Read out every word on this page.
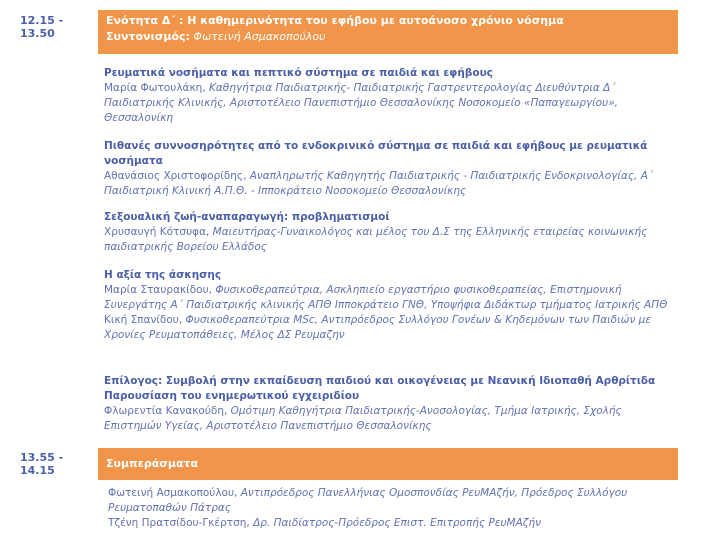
12.15 -
13.50
Ενότητα Δ΄ : Η καθημερινότητα του εφήβου με αυτοάνοσο χρόνιο νόσημα
Συντονισμός: Φωτεινή Ασμακοπούλου
Ρευματικά νοσήματα και πεπτικό σύστημα σε παιδιά και εφήβους
Μαρία Φωτουλάκη, Καθηγήτρια Παιδιατρικής- Παιδιατρικής Γαστρεντερολογίας Διευθύντρια Δ΄ Παιδιατρικής Κλινικής, Αριστοτέλειο Πανεπιστήμιο Θεσσαλονίκης Νοσοκομείο «Παπαγεωργίου», Θεσσαλονίκη
Πιθανές συννοσηρότητες από το ενδοκρινικό σύστημα σε παιδιά και εφήβους με ρευματικά νοσήματα
Αθανάσιος Χριστοφορίδης, Αναπληρωτής Καθηγητής Παιδιατρικής - Παιδιατρικής Ενδοκρινολογίας, Α΄ Παιδιατρική Κλινική Α.Π.Θ. - Ιπποκράτειο Νοσοκομείο Θεσσαλονίκης
Σεξουαλική ζωή-αναπαραγωγή: προβληματισμοί
Χρυσαυγή Κότσυφα, Μαιευτήρας-Γυναικολόγος και μέλος του Δ.Σ της Ελληνικής εταιρείας κοινωνικής παιδιατρικής Βορείου Ελλάδος
Η αξία της άσκησης
Μαρία Σταυρακίδου, Φυσικοθεραπεύτρια, Ασκληπιείο εργαστήριο φυσικοθεραπείας, Επιστημονική Συνεργάτης Α΄ Παιδιατρικής κλινικής ΑΠΘ Ιπποκράτειο ΓΝΘ, Υποψήφια Διδάκτωρ τμήματος Ιατρικής ΑΠΘ
Κική Σπανίδου, Φυσικοθεραπεύτρια MSc, Αντιπρόεδρος Συλλόγου Γονέων & Κηδεμόνων των Παιδιών με Χρονίες Ρευματοπάθειες, Μέλος ΔΣ Ρευμαζην
Επίλογος: Συμβολή στην εκπαίδευση παιδιού και οικογένειας με Νεανική Ιδιοπαθή Αρθρίτιδα Παρουσίαση του ενημερωτικού εγχειριδίου
Φλωρεντία Κανακούδη, Ομότιμη Καθηγήτρια Παιδιατρικής-Ανοσολογίας, Τμήμα Ιατρικής, Σχολής Επιστημών Υγείας, Αριστοτέλειο Πανεπιστήμιο Θεσσαλονίκης
13.55 -
14.15
Συμπεράσματα
Φωτεινή Ασμακοπούλου, Αντιπρόεδρος Πανελλήνιας Ομοσπονδίας ΡευΜΑζήν, Πρόεδρος Συλλόγου Ρευματοπαθών Πάτρας
Τζένη Πρατσίδου-Γκέρτση, Δρ. Παιδίατρος-Πρόεδρος Επιστ. Επιτροπής ΡευΜΑζήν
